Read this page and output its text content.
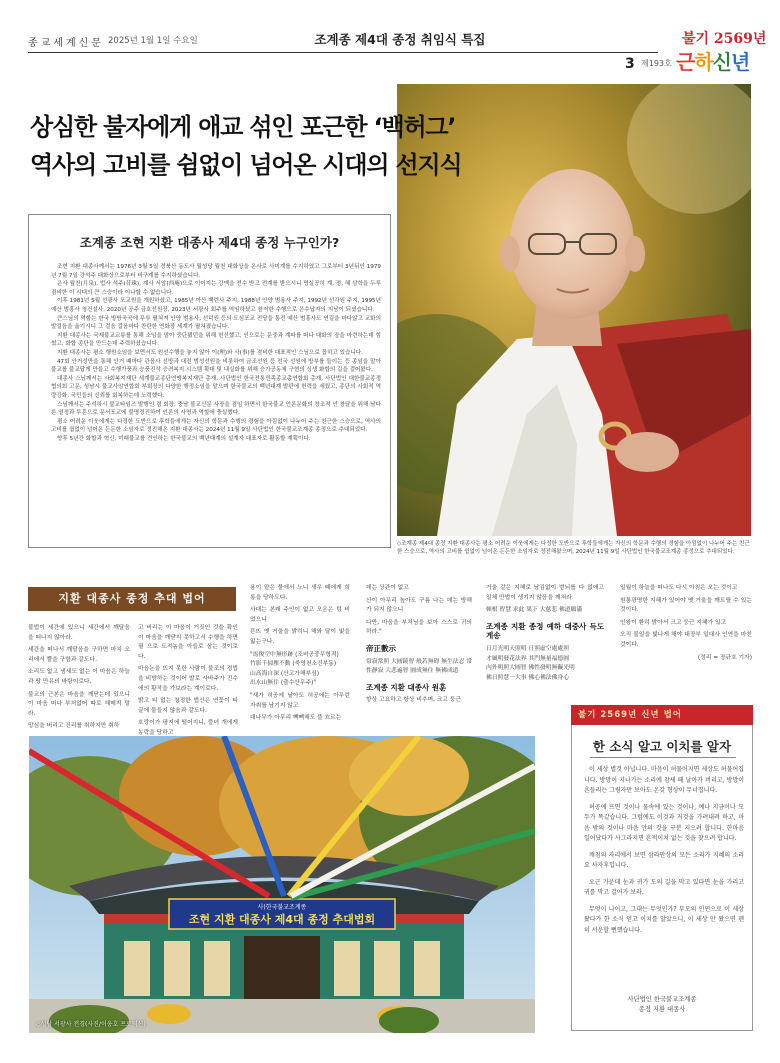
종교세계신문 2025년 1월 1일 수요일	조계종 제4대 종정 취임식 특집
3 제193호
불기 2569년
근하신년
◇조계종 제4대 종정 지환 대종사는 평소 어려운 이웃에게는 다정한 도반으로 후학들에게는 자신의 학문과 수행의 경험을 아낌없이 나누어 주는 친근한 스승으로, 역사의 고비를 쉼없이 넘어온 든든한 소임자로 정진해왔으며, 2024년 11월 9일 사단법인 한국불교조계종 종정으로 추대되었다.
상심한 불자에게 애교 섞인 포근한 ‘백허그’
역사의 고비를 쉼없이 넘어온 시대의 선지식
조계종 조현 지환 대종사 제4대 종정 누구인가?

조현 지환 대종사께서는 1976년 3월 5일 경북산 동도사 월성당 월천 대화상을 은사로 사미계를 수지하였고 그로부터 3년뒤인 1979년 7월 7일 강석주 대화상으로부터 비구계를 수지하셨습니다.

은사 월천(月泉), 법사 석주(昔珠), 계사 서암(西庵)으로 이어지는 강맥을 전수 받고 전계를 받으시니 명실공히 계, 정, 혜 삼학을 두루 겸비한 이 시대의 큰 스승이라 이나할 수 없습니다.

이후 1981년 5월 선광사 포교원을 개원하셨고, 1985년 아산 백련사 주지, 1988년 안양 범용사 주지, 1992년 선각원 주지, 1995년 예산 범흥사 청건설사, 2020년 공주 금호선원장, 2023년 서광사 회주를 역임하셨고 참저한 수행으로 은수납자의 지남이 되셨습니다.

큰스님의 역할는 한국 방방곡곡에 무루 펼쳐져 안양 범용사, 선덕원 등의 도심포교 전당을 통전 예산 범흥사도 연길을 마다않고 교화의 발걸음을 옮기시니 그 걸음 걸음마다 찬란한 연화장 세계가 펼쳐졌습니다.

지환 대종사는 국제불교교류를 통해 소임을 맡아 중단됐던을 위해 헌신했고, 인으로는 문중과 계파를 떠나 대화의 장을 마련하는데 힘썼고, 화합 종단을 만드는데 주력하셨습니다.

지환 대종사는 평소 행원소임을 보면서도 원선수행을 놓지 않아 이(理)와 사(事)를 겸비한 대표적인 스님으로 꼽히고 있습니다.

47회 안거성만을 통해 안거 때마다 관음사 선방과 대전 범성선원을 비롯하여 금조선원 등 전국 선원에 방부를 들이는 등 종임을 맡아 불교를 불교답게 만들고 수행가풍과 승풍진작 승려복지 시스템 확대 및 내실화를 위해 승가공동체 구현의 싱생 화합의 길을 걸어왔다.

대종사 스님께서는 사회복지재단 세계불교종단연맹복지재단 총재, 사단법인 한국전통민족종교총연합회 총재, 사단법인 대한불교종정협의회 고문, 성남시 불교사암연합회 부회장의 다양한 행정소임을 맡으며 한국불교의 백년대계 발판에 헌력을 세웠고, 종단의 사회적 역량강화, 국민들의 신뢰를 회복하는데 노력했다.

스님께서는 주석하시 불교타임즈 발행인 겸 회장, 충남 불교신문 사장을 겸임 하면서 한국불교 언론문화의 창조적 인 창달을 위해 남다른 열정과 투혼으로 문서포교에 불명정진하여 언론의 사명과 역할에 충실했다.

평소 어려운 이웃에게는 다정한 도반으로 후학들에게는 자신의 학문과 수행의 경험을 아낌없이 나누어 주는 친근한 스승으로, 역사의 고비를 쉼없이 넘어온 든든한 소임자로 정진해온 지환 대종사는 2024년 11월 9일 사단법인 한국불교조계종 종정으로 추대되었다.

향후 5년간 화합과 혁신, 미래불교를 견인하는 한국불교의 백년대계의 설계자 대표자로 활동할 계획이다.

지환 대종사 종정 추대 법어

불법이 세간에 있으니 세간에서 깨달음을 떠나지 않아라.

세간을 떠나서 깨달음을 구하면 마치 오리에서 뿔을 구함과 같도다.

소리도 없고 냄새도 없는 이 마음은 하늘과 땅 만유의 바탕이로다.

불교의 근본은 마음을 깨닫는데 있으니 이 마음 떠나 부처없어 따로 해매지 말라.

망심을 버리고 진리를 취하지만 취하

고 버리는 이 마음이 거짓인 것을 확인이 마음을 깨닫지 못하고서 수행을 하면 필 으로 도적놈을 아들로 삼는 것이로다.

마음논을 뜨지 못한 사람이 불조의 경법을 비방하는 것이어 발로 사바주가 진수에의 황작을 가보라는 계이로다.

밝고 티 없는 청정한 법신은 연꽃이 티끌에 물들지 않음과 같도다.

호랑이가 평지에 떨어지니, 뜰녀 개에게 농락을 당하고

용이 얕은 물에서 노니 새우 떼에게 희롱을 당하도다.

사대는 본래 주인이 없고 오온은 텅 비었으니

뜬뜨 옛 거울을 밝히니 해와 달이 빛을 잃는구나.

"馬俊空中無形跡 (조비공중무형적)
竹影千掃塵不動 (죽영천소진부동)
山高海自深 (산고가해부심)
出水山無住 (출수산무주)"

"새가 허공에 날아도 허공에는 아무런 자취를 남기지 않고

대나무가 아무리 빽빽해도 뜰 흐르는

데는 상관이 없고

산이 아무리 높아도 구름 나는 데는 방해가 되지 않으니

다만, 마음을 부처님을 보아 스스로 귀의하라."

帝正數示

常寂常照 大圓鏡智 般若無碍 無生法忍 常性靜寂 大悲遍智 圓成無住 無佛成道

조계종 지환 대종사 원훈

항상 고요하고 항상 비추며, 크고 둥근

거울 같은 지혜로 남김없이 번뇌를 다 없애고 일체 만법이 생기지 않음을 깨쳐라

頓根 智慧 求此 果下 大慈悲 佛道願滿

조계종 지환 종정 예하 대중사 득도게송

日月光明天照明 日照虛空處處照
才風明發花法界 其門無量福德圓
內外明照大圓智 佛性發明無礙光明
佛日照慧一大事 佛心佛法佛身心

일월이 하늘을 떠나도 다시 아침은 오는 것이고

원통광명한 지혜가 있어야 옛 거울을 깨트릴 수 있는 것이다.

인왕이 환히 밝아서 크고 둥근 지혜가 있고

오직 불일을 빛나게 해야 대장부 일대사 인연을 마친 것이다.

(정리 = 장규호 기자)

사)한국불교조계종
조현 지환 대종사 제4대 종정 추대법회
◇성남 서광사 전경(사진/이웅호 프로덕션)
불기 2569년 신년 법어
한 소식 알고 이치를 알자

이 세상 별것 아닙니다. 마음이 허물어지면 세상도 허물어집니다. 방망이 지나가는 소리에 참새 떼 날아가 버리고, 방망이 흔들리는 그림자만 보아도 온갖 형상이 무너집니다.

허공에 뜨면 것이나 물속에 있는 것이나, 예나 지금이나 모두가 똑같습니다. 그럼에도 이것과 저것을 가려내려 하고, 마음 밖의 것이나 마음 안의 것을 구분 지으려 합니다. 한마음 일어났다가 사그라지면 흔적이처 없는 것을 찾으려 합니다.

깨침의 자리에서 보면 삼라만상의 모든 소리가 지혜의 소리요 사자후입니다.

오근 가운데 눈과 귀가 도의 길을 막고 있다면 눈을 가리고 귀를 막고 걸어가 보라.

무엇이 나이고, 그대는 무엇인가? 부모의 인연으로 이 세상 왔다가 한 소식 얻고 이치를 알았으니, 이 세상 안 왔으면 괜히 서운할 뻔했습니다.

사단법인 한국불교조계종
종정 지환 대종사
